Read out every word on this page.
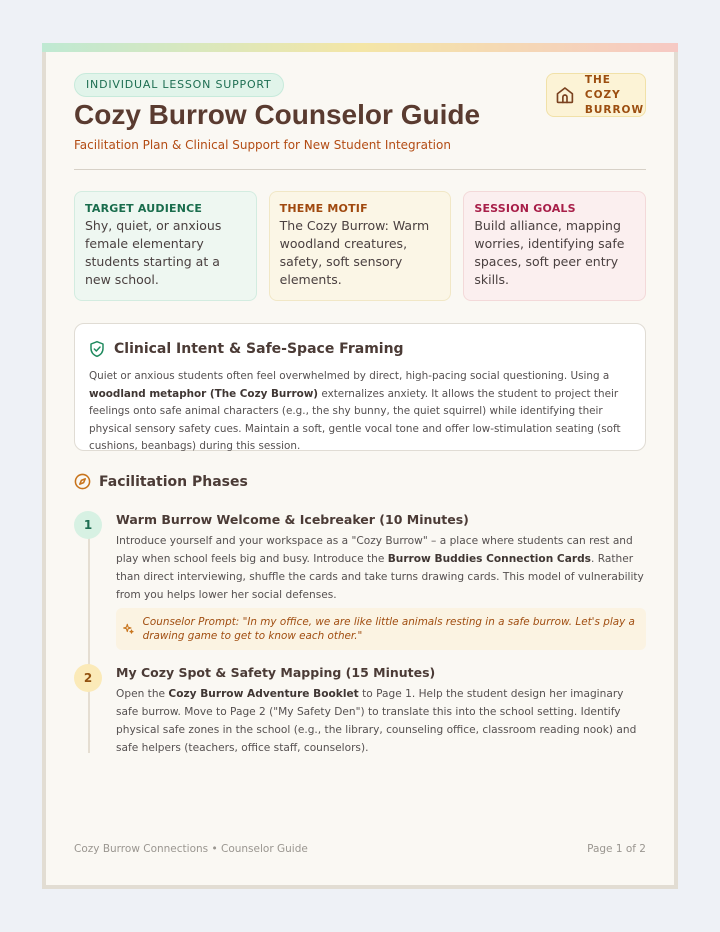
INDIVIDUAL LESSON SUPPORT
Cozy Burrow Counselor Guide
Facilitation Plan & Clinical Support for New Student Integration
THE COZY
BURROW
TARGET AUDIENCE
Shy, quiet, or anxious female elementary students starting at a new school.
THEME MOTIF
The Cozy Burrow: Warm woodland creatures, safety, soft sensory elements.
SESSION GOALS
Build alliance, mapping worries, identifying safe spaces, soft peer entry skills.
Clinical Intent & Safe-Space Framing
Quiet or anxious students often feel overwhelmed by direct, high-pacing social questioning. Using a woodland metaphor (The Cozy Burrow) externalizes anxiety. It allows the student to project their feelings onto safe animal characters (e.g., the shy bunny, the quiet squirrel) while identifying their physical sensory safety cues. Maintain a soft, gentle vocal tone and offer low-stimulation seating (soft cushions, beanbags) during this session.
Facilitation Phases
1	Warm Burrow Welcome & Icebreaker (10 Minutes)
Introduce yourself and your workspace as a "Cozy Burrow" – a place where students can rest and play when school feels big and busy. Introduce the Burrow Buddies Connection Cards. Rather than direct interviewing, shuffle the cards and take turns drawing cards. This model of vulnerability from you helps lower her social defenses.
Counselor Prompt: "In my office, we are like little animals resting in a safe burrow. Let's play a drawing game to get to know each other."
2	My Cozy Spot & Safety Mapping (15 Minutes)
Open the Cozy Burrow Adventure Booklet to Page 1. Help the student design her imaginary safe burrow. Move to Page 2 ("My Safety Den") to translate this into the school setting. Identify physical safe zones in the school (e.g., the library, counseling office, classroom reading nook) and safe helpers (teachers, office staff, counselors).
Cozy Burrow Connections • Counselor Guide	Page 1 of 2
